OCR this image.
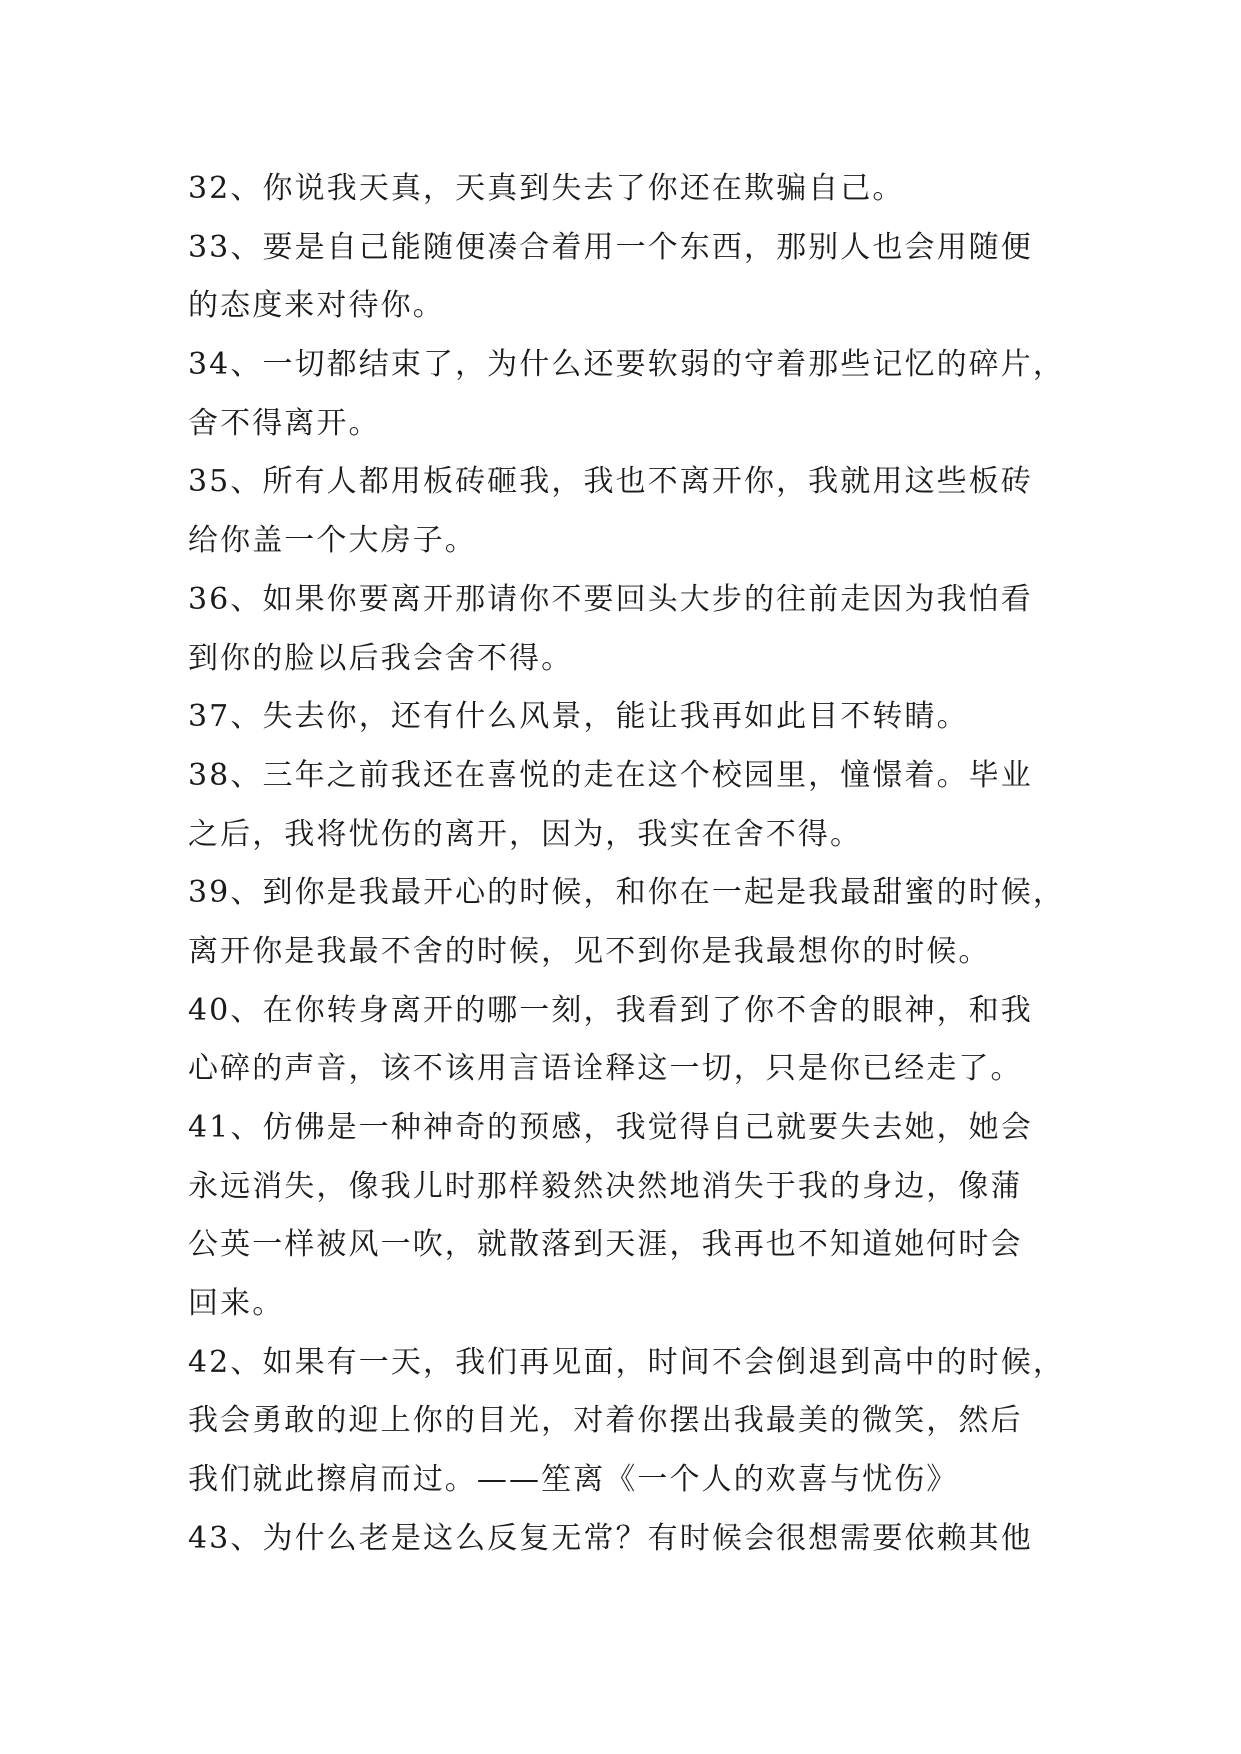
32、你说我天真，天真到失去了你还在欺骗自己。
33、要是自己能随便凑合着用一个东西，那别人也会用随便
的态度来对待你。
34、一切都结束了，为什么还要软弱的守着那些记忆的碎片，
舍不得离开。
35、所有人都用板砖砸我，我也不离开你，我就用这些板砖
给你盖一个大房子。
36、如果你要离开那请你不要回头大步的往前走因为我怕看
到你的脸以后我会舍不得。
37、失去你，还有什么风景，能让我再如此目不转睛。
38、三年之前我还在喜悦的走在这个校园里，憧憬着。毕业
之后，我将忧伤的离开，因为，我实在舍不得。
39、到你是我最开心的时候，和你在一起是我最甜蜜的时候，
离开你是我最不舍的时候，见不到你是我最想你的时候。
40、在你转身离开的哪一刻，我看到了你不舍的眼神，和我
心碎的声音，该不该用言语诠释这一切，只是你已经走了。
41、仿佛是一种神奇的预感，我觉得自己就要失去她，她会
永远消失，像我儿时那样毅然决然地消失于我的身边，像蒲
公英一样被风一吹，就散落到天涯，我再也不知道她何时会
回来。
42、如果有一天，我们再见面，时间不会倒退到高中的时候，
我会勇敢的迎上你的目光，对着你摆出我最美的微笑，然后
我们就此擦肩而过。——笙离《一个人的欢喜与忧伤》
43、为什么老是这么反复无常？有时候会很想需要依赖其他
